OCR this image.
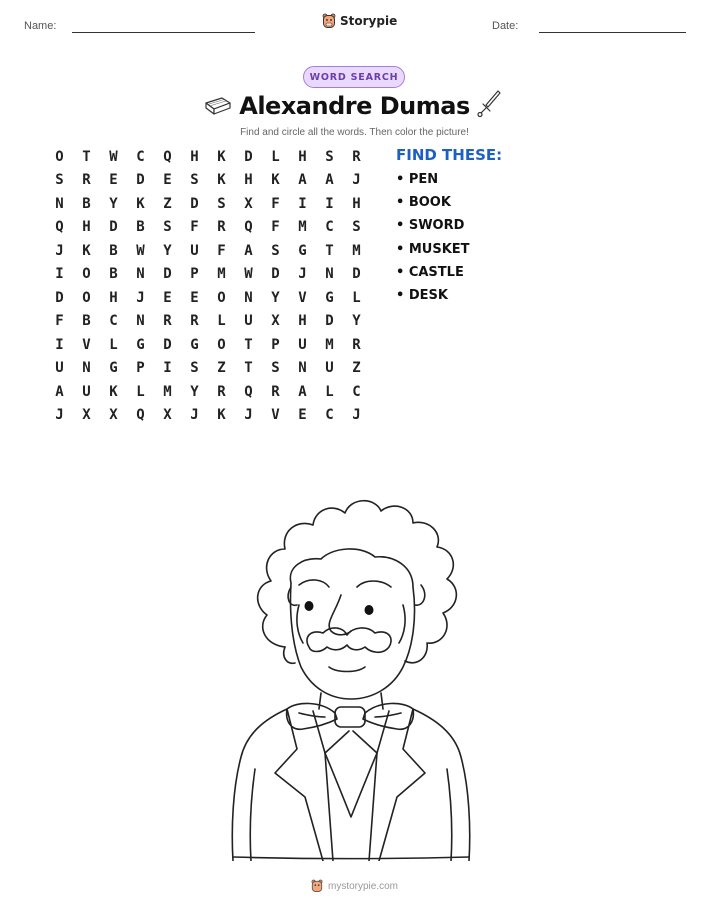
Name:	Storypie	Date:
WORD SEARCH
Alexandre Dumas
Find and circle all the words. Then color the picture!
O	T	W	C	Q	H	K	D	L	H	S	R
S	R	E	D	E	S	K	H	K	A	A	J
N	B	Y	K	Z	D	S	X	F	I	I	H
Q	H	D	B	S	F	R	Q	F	M	C	S
J	K	B	W	Y	U	F	A	S	G	T	M
I	O	B	N	D	P	M	W	D	J	N	D
D	O	H	J	E	E	O	N	Y	V	G	L
F	B	C	N	R	R	L	U	X	H	D	Y
I	V	L	G	D	G	O	T	P	U	M	R
U	N	G	P	I	S	Z	T	S	N	U	Z
A	U	K	L	M	Y	R	Q	R	A	L	C
J	X	X	Q	X	J	K	J	V	E	C	J
FIND THESE:
• PEN
• BOOK
• SWORD
• MUSKET
• CASTLE
• DESK
mystorypie.com
